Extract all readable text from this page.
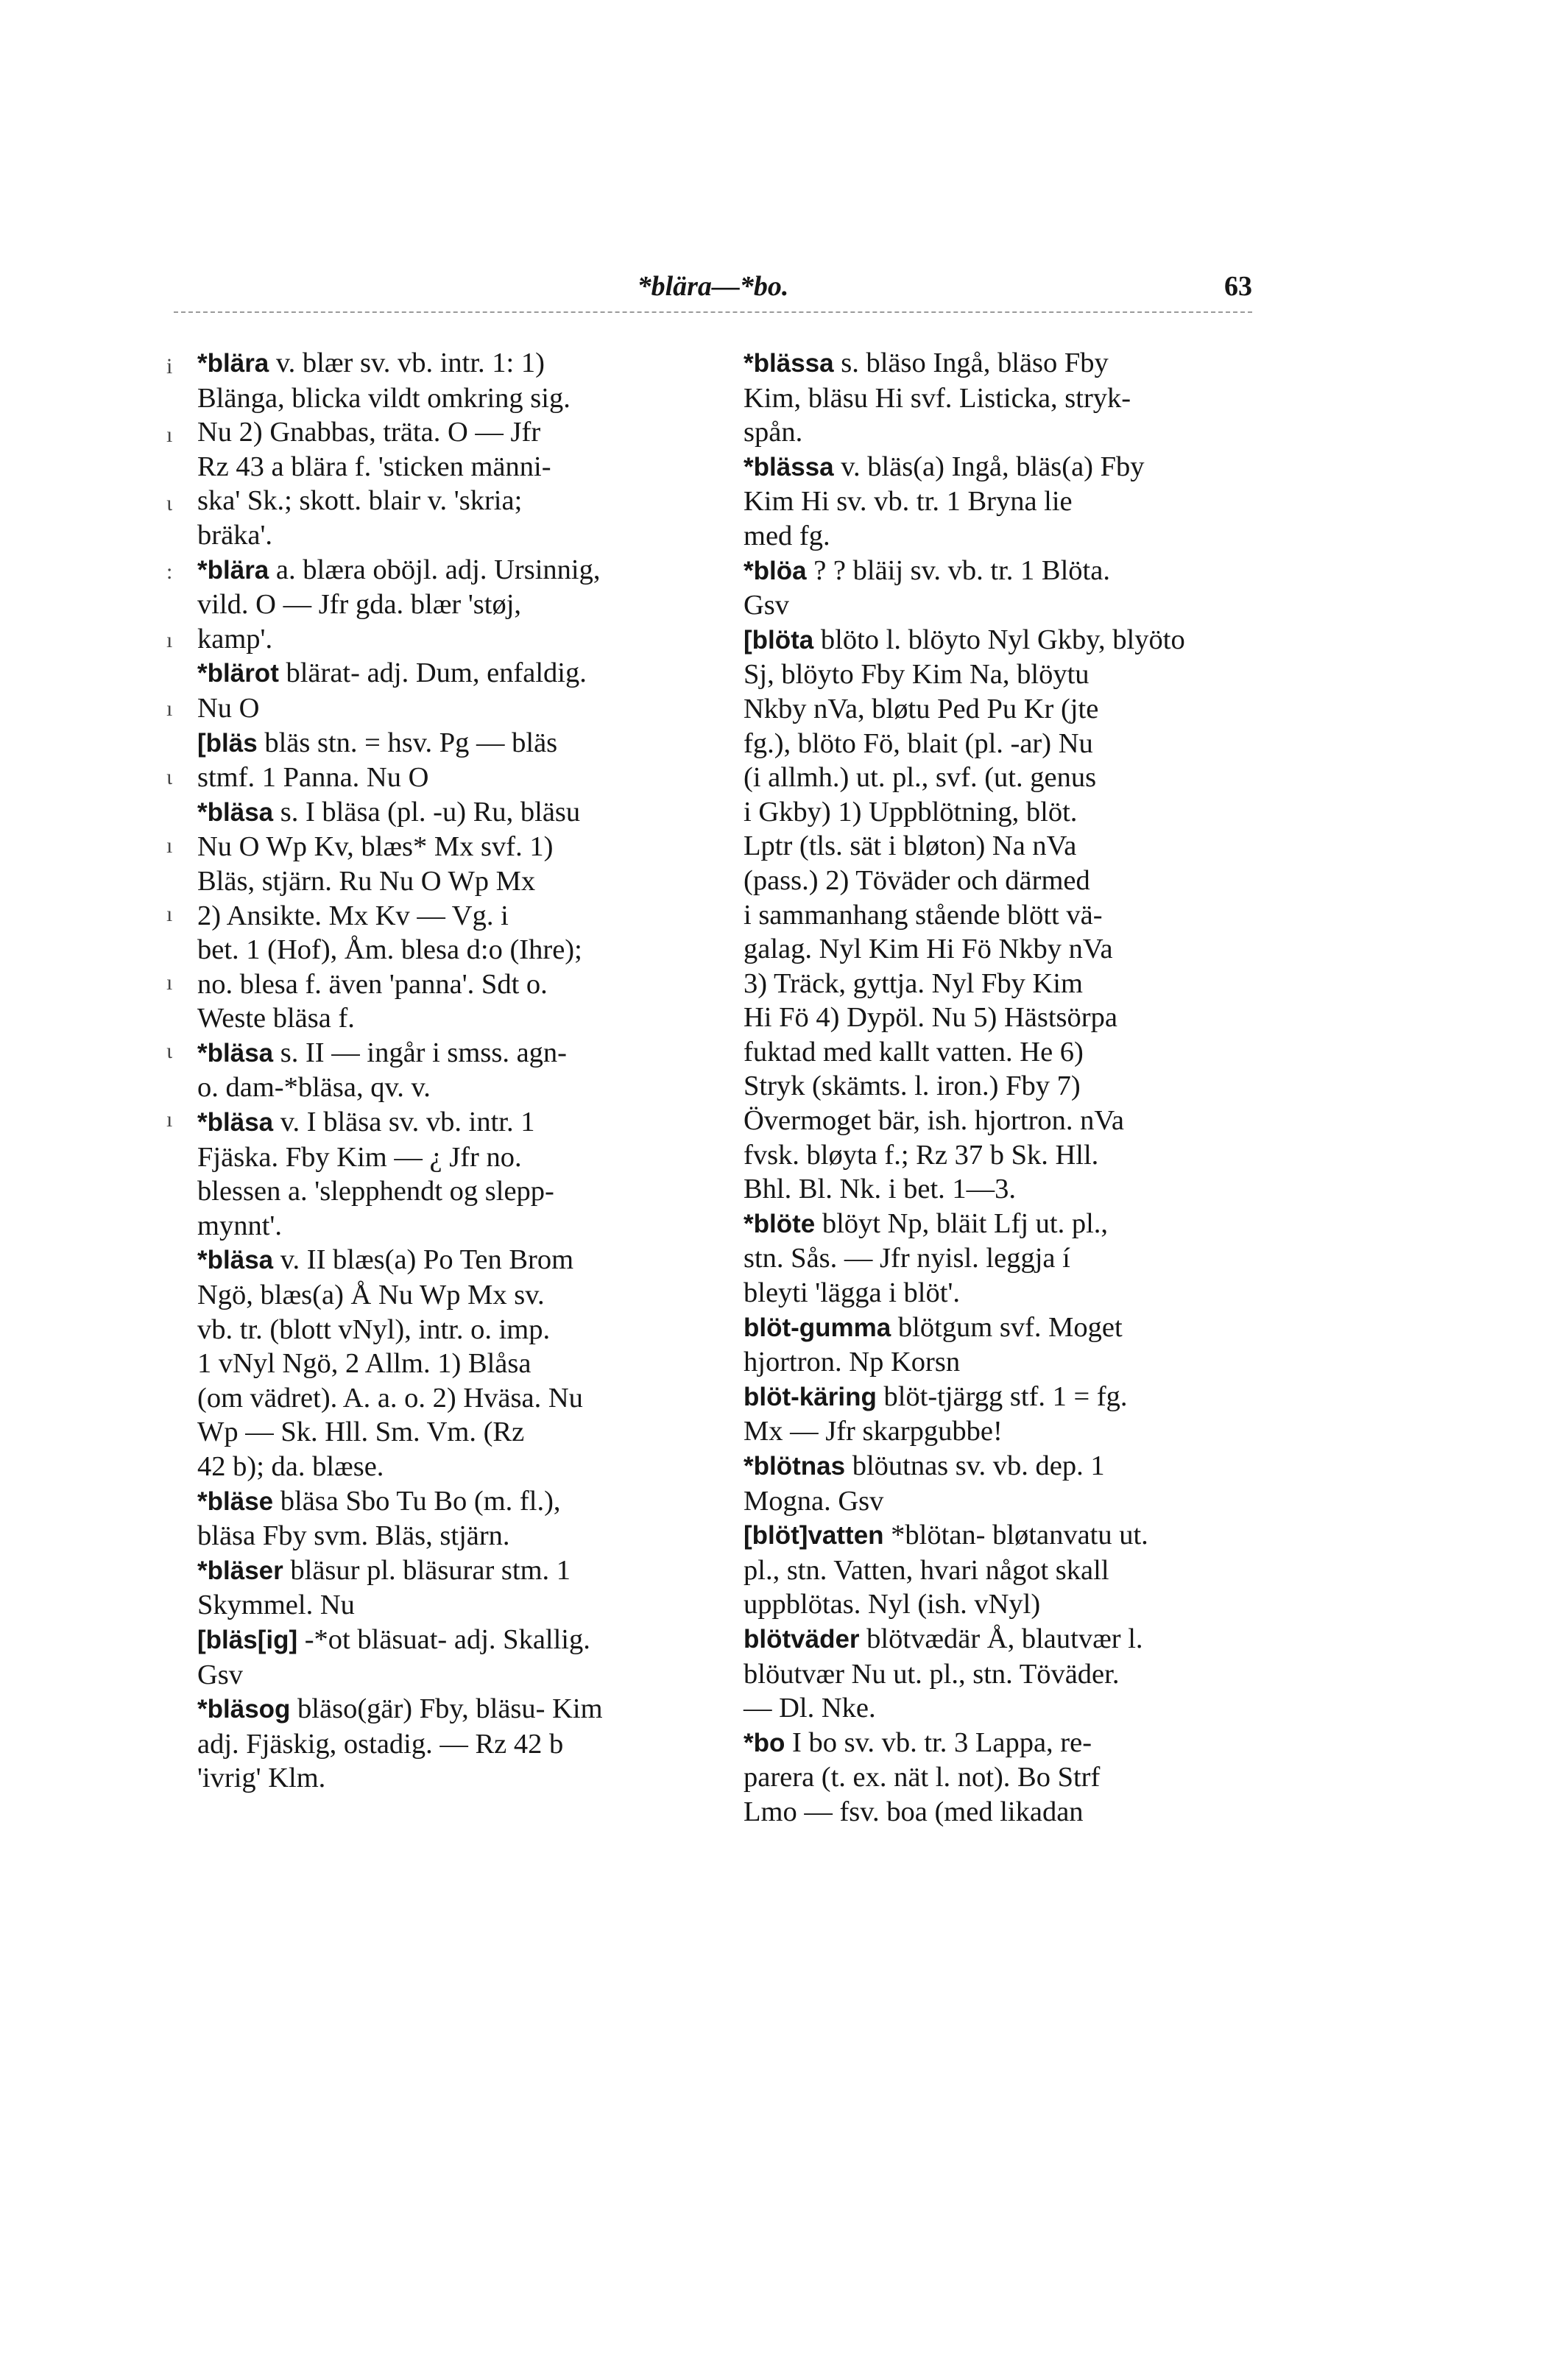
*blära—*bo.	63
i
ı
ɩ
:
ı
ı
ɩ
ı
ı
ı
ɩ
ı
*blära v. blær sv. vb. intr. 1: 1)
Blänga, blicka vildt omkring sig.
Nu 2) Gnabbas, träta. O — Jfr
Rz 43 a blära f. 'sticken männi-
ska' Sk.; skott. blair v. 'skria;
bräka'.
*blära a. blæra oböjl. adj. Ursinnig,
vild. O — Jfr gda. blær 'støj,
kamp'.
*blärot blärat- adj. Dum, enfaldig.
Nu O
[bläs bläs stn. = hsv. Pg — bläs
stmf. 1 Panna. Nu O
*bläsa s. I bläsa (pl. -u) Ru, bläsu
Nu O Wp Kv, blæs* Mx svf. 1)
Bläs, stjärn. Ru Nu O Wp Mx
2) Ansikte. Mx Kv — Vg. i
bet. 1 (Hof), Åm. blesa d:o (Ihre);
no. blesa f. även 'panna'. Sdt o.
Weste bläsa f.
*bläsa s. II — ingår i smss. agn-
o. dam-*bläsa, qv. v.
*bläsa v. I bläsa sv. vb. intr. 1
Fjäska. Fby Kim — ¿ Jfr no.
blessen a. 'slepphendt og slepp-
mynnt'.
*bläsa v. II blæs(a) Po Ten Brom
Ngö, blæs(a) Å Nu Wp Mx sv.
vb. tr. (blott vNyl), intr. o. imp.
1 vNyl Ngö, 2 Allm. 1) Blåsa
(om vädret). A. a. o. 2) Hväsa. Nu
Wp — Sk. Hll. Sm. Vm. (Rz
42 b); da. blæse.
*bläse bläsa Sbo Tu Bo (m. fl.),
bläsa Fby svm. Bläs, stjärn.
*bläser bläsur pl. bläsurar stm. 1
Skymmel. Nu
[bläs[ig] -*ot bläsuat- adj. Skallig.
Gsv
*bläsog bläso(gär) Fby, bläsu- Kim
adj. Fjäskig, ostadig. — Rz 42 b
'ivrig' Klm.
*blässa s. bläso Ingå, bläso Fby
Kim, bläsu Hi svf. Listicka, stryk-
spån.
*blässa v. bläs(a) Ingå, bläs(a) Fby
Kim Hi sv. vb. tr. 1 Bryna lie
med fg.
*blöa ? ? bläij sv. vb. tr. 1 Blöta.
Gsv
[blöta blöto l. blöyto Nyl Gkby, blyöto
Sj, blöyto Fby Kim Na, blöytu
Nkby nVa, bløtu Ped Pu Kr (jte
fg.), blöto Fö, blait (pl. -ar) Nu
(i allmh.) ut. pl., svf. (ut. genus
i Gkby) 1) Uppblötning, blöt.
Lptr (tls. sät i bløton) Na nVa
(pass.) 2) Töväder och därmed
i sammanhang stående blött vä-
galag. Nyl Kim Hi Fö Nkby nVa
3) Träck, gyttja. Nyl Fby Kim
Hi Fö 4) Dypöl. Nu 5) Hästsörpa
fuktad med kallt vatten. He 6)
Stryk (skämts. l. iron.) Fby 7)
Övermoget bär, ish. hjortron. nVa
fvsk. bløyta f.; Rz 37 b Sk. Hll.
Bhl. Bl. Nk. i bet. 1—3.
*blöte blöyt Np, bläit Lfj ut. pl.,
stn. Sås. — Jfr nyisl. leggja í
bleyti 'lägga i blöt'.
blöt-gumma blötgum svf. Moget
hjortron. Np Korsn
blöt-käring blöt-tjärgg stf. 1 = fg.
Mx — Jfr skarpgubbe!
*blötnas blöutnas sv. vb. dep. 1
Mogna. Gsv
[blöt]vatten *blötan- bløtanvatu ut.
pl., stn. Vatten, hvari något skall
uppblötas. Nyl (ish. vNyl)
blötväder blötvædär Å, blautvær l.
blöutvær Nu ut. pl., stn. Töväder.
— Dl. Nke.
*bo I bo sv. vb. tr. 3 Lappa, re-
parera (t. ex. nät l. not). Bo Strf
Lmo — fsv. boa (med likadan
